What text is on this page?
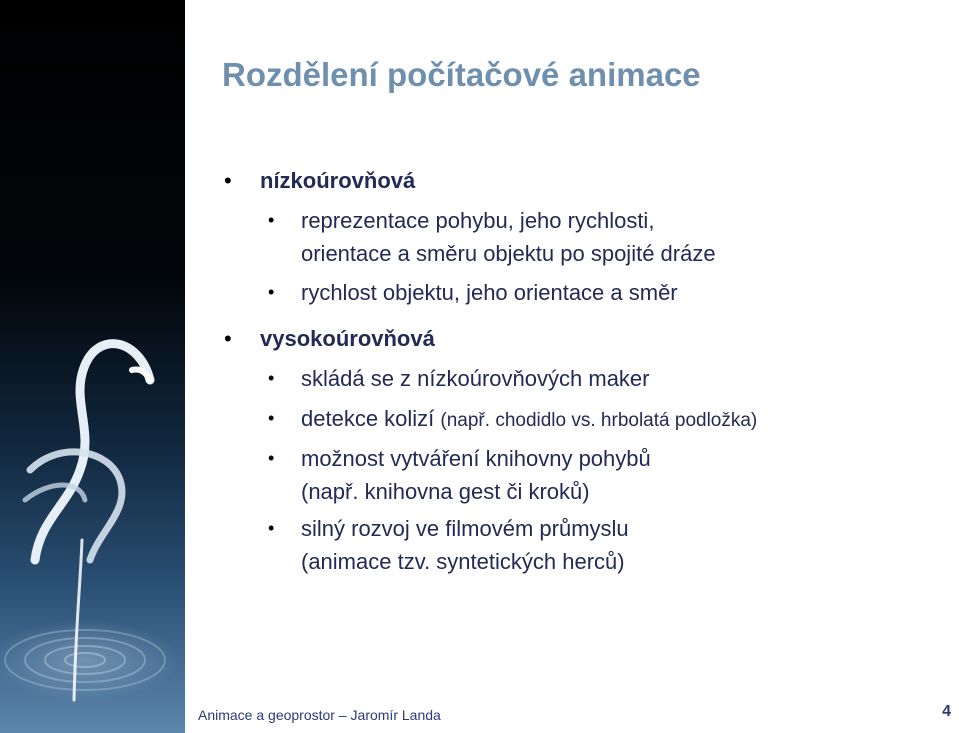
Rozdělení počítačové animace
• nízkoúrovňová
• reprezentace pohybu, jeho rychlosti,
orientace a směru objektu po spojité dráze
• rychlost objektu, jeho orientace a směr
• vysokoúrovňová
• skládá se z nízkoúrovňových maker
• detekce kolizí (např. chodidlo vs. hrbolatá podložka)
• možnost vytváření knihovny pohybů
(např. knihovna gest či kroků)
• silný rozvoj ve filmovém průmyslu
(animace tzv. syntetických herců)
Animace a geoprostor – Jaromír Landa	4
